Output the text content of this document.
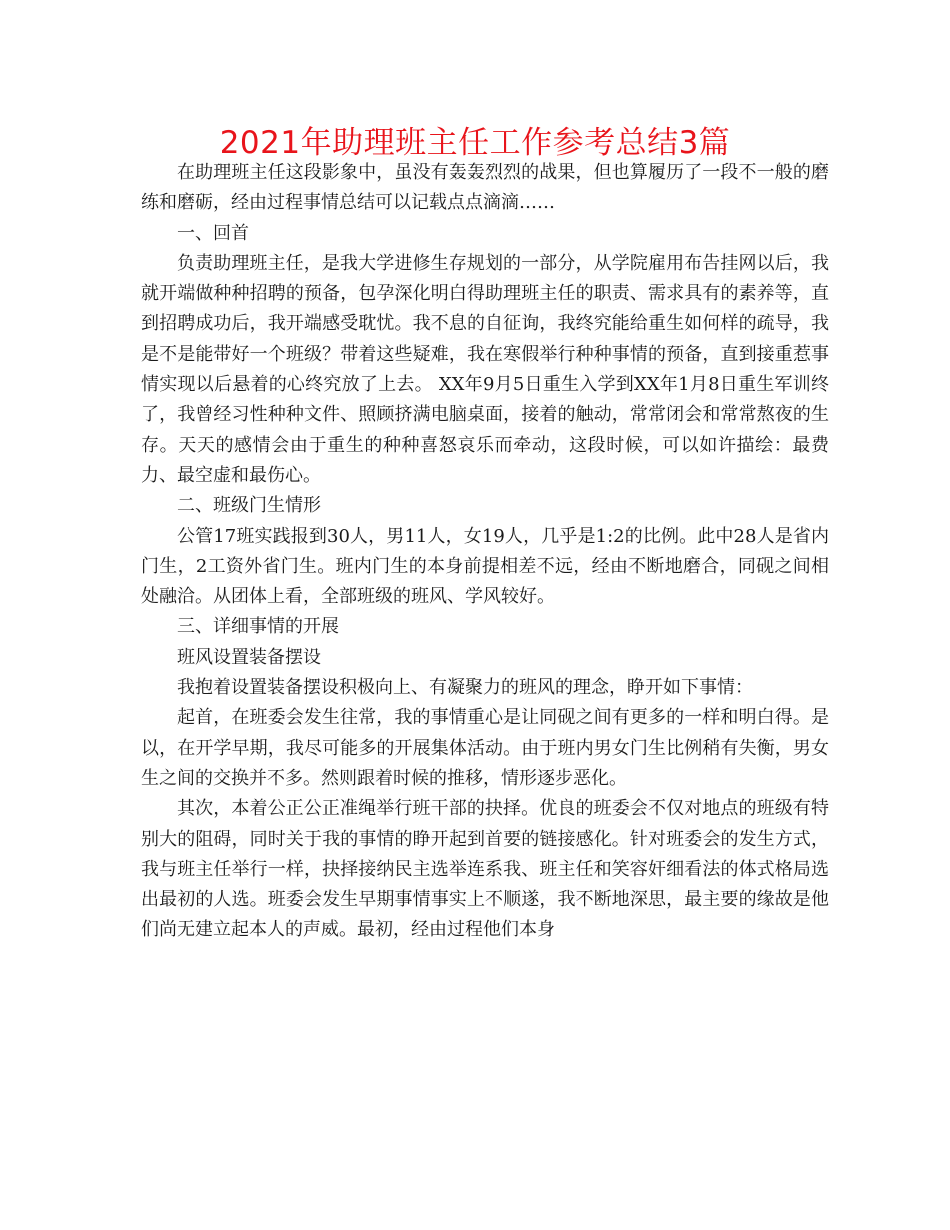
2021年助理班主任工作参考总结3篇

在助理班主任这段影象中，虽没有轰轰烈烈的战果，但也算履历了一段不一般的磨练和磨砺，经由过程事情总结可以记载点点滴滴……

一、回首

负责助理班主任，是我大学进修生存规划的一部分，从学院雇用布告挂网以后，我就开端做种种招聘的预备，包孕深化明白得助理班主任的职责、需求具有的素养等，直到招聘成功后，我开端感受耽忧。我不息的自征询，我终究能给重生如何样的疏导，我是不是能带好一个班级？带着这些疑难，我在寒假举行种种事情的预备，直到接重惹事情实现以后悬着的心终究放了上去。 XX年9月5日重生入学到XX年1月8日重生军训终了，我曾经习性种种文件、照顾挤满电脑桌面，接着的触动，常常闭会和常常熬夜的生存。天天的感情会由于重生的种种喜怒哀乐而牵动，这段时候，可以如许描绘：最费力、最空虚和最伤心。

二、班级门生情形

公管17班实践报到30人，男11人，女19人，几乎是1:2的比例。此中28人是省内门生，2工资外省门生。班内门生的本身前提相差不远，经由不断地磨合，同砚之间相处融洽。从团体上看，全部班级的班风、学风较好。

三、详细事情的开展

班风设置装备摆设

我抱着设置装备摆设积极向上、有凝聚力的班风的理念，睁开如下事情：

起首，在班委会发生往常，我的事情重心是让同砚之间有更多的一样和明白得。是以，在开学早期，我尽可能多的开展集体活动。由于班内男女门生比例稍有失衡，男女生之间的交换并不多。然则跟着时候的推移，情形逐步恶化。

其次，本着公正公正准绳举行班干部的抉择。优良的班委会不仅对地点的班级有特别大的阻碍，同时关于我的事情的睁开起到首要的链接感化。针对班委会的发生方式，我与班主任举行一样，抉择接纳民主选举连系我、班主任和笑容奸细看法的体式格局选出最初的人选。班委会发生早期事情事实上不顺遂，我不断地深思，最主要的缘故是他们尚无建立起本人的声威。最初，经由过程他们本身
